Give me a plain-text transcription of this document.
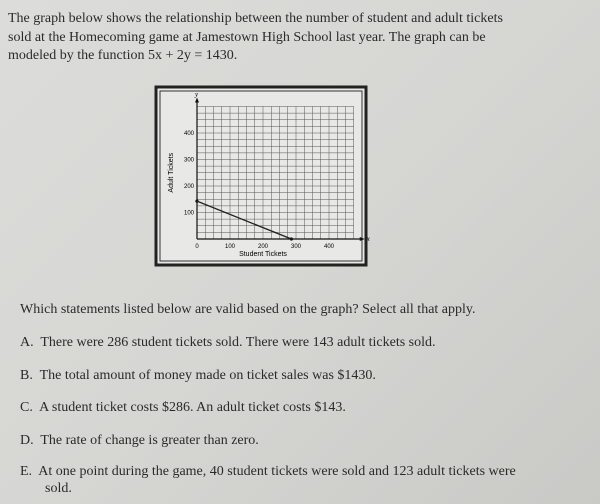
The graph below shows the relationship between the number of student and adult tickets
sold at the Homecoming game at Jamestown High School last year. The graph can be
modeled by the function 5x + 2y = 1430.
0	100	200	300	400
100
200
300
400
Student Tickets
Adult Tickets
x
y
Which statements listed below are valid based on the graph? Select all that apply.
A. There were 286 student tickets sold. There were 143 adult tickets sold.
B. The total amount of money made on ticket sales was $1430.
C. A student ticket costs $286. An adult ticket costs $143.
D. The rate of change is greater than zero.
E. At one point during the game, 40 student tickets were sold and 123 adult tickets were
sold.
